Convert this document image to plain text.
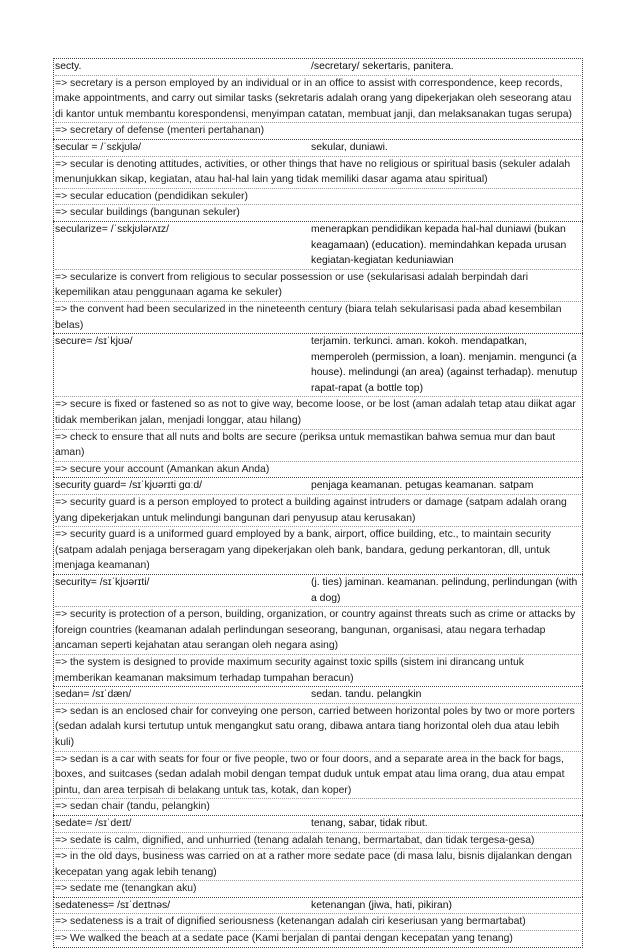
secty.	/secretary/ sekertaris, panitera.
=> secretary is a person employed by an individual or in an office to assist with correspondence, keep records, make appointments, and carry out similar tasks (sekretaris adalah orang yang dipekerjakan oleh seseorang atau di kantor untuk membantu korespondensi, menyimpan catatan, membuat janji, dan melaksanakan tugas serupa)
=> secretary of defense (menteri pertahanan)
secular = /ˈsɛkjʊlə/	sekular, duniawi.
=> secular is denoting attitudes, activities, or other things that have no religious or spiritual basis (sekuler adalah menunjukkan sikap, kegiatan, atau hal-hal lain yang tidak memiliki dasar agama atau spiritual)
=> secular education (pendidikan sekuler)
=> secular buildings (bangunan sekuler)
secularize= /ˈsɛkjʊlərʌɪz/	menerapkan pendidikan kepada hal-hal duniawi (bukan keagamaan) (education). memindahkan kepada urusan kegiatan-kegiatan keduniawian
=> secularize is convert from religious to secular possession or use (sekularisasi adalah berpindah dari kepemilikan atau penggunaan agama ke sekuler)
=> the convent had been secularized in the nineteenth century (biara telah sekularisasi pada abad kesembilan belas)
secure= /sɪˈkjʊə/	terjamin. terkunci. aman. kokoh. mendapatkan, memperoleh (permission, a loan). menjamin. mengunci (a house). melindungi (an area) (against terhadap). menutup rapat-rapat (a bottle top)
=> secure is fixed or fastened so as not to give way, become loose, or be lost (aman adalah tetap atau diikat agar tidak memberikan jalan, menjadi longgar, atau hilang)
=> check to ensure that all nuts and bolts are secure (periksa untuk memastikan bahwa semua mur dan baut aman)
=> secure your account (Amankan akun Anda)
security guard= /sɪˈkjʊərɪti ɡɑːd/	penjaga keamanan. petugas keamanan. satpam
=> security guard is a person employed to protect a building against intruders or damage (satpam adalah orang yang dipekerjakan untuk melindungi bangunan dari penyusup atau kerusakan)
=> security guard is a uniformed guard employed by a bank, airport, office building, etc., to maintain security (satpam adalah penjaga berseragam yang dipekerjakan oleh bank, bandara, gedung perkantoran, dll, untuk menjaga keamanan)
security= /sɪˈkjʊərɪti/	(j. ties) jaminan. keamanan. pelindung, perlindungan (with a dog)
=> security is protection of a person, building, organization, or country against threats such as crime or attacks by foreign countries (keamanan adalah perlindungan seseorang, bangunan, organisasi, atau negara terhadap ancaman seperti kejahatan atau serangan oleh negara asing)
=> the system is designed to provide maximum security against toxic spills (sistem ini dirancang untuk memberikan keamanan maksimum terhadap tumpahan beracun)
sedan= /sɪˈdæn/	sedan. tandu. pelangkin
=> sedan is an enclosed chair for conveying one person, carried between horizontal poles by two or more porters (sedan adalah kursi tertutup untuk mengangkut satu orang, dibawa antara tiang horizontal oleh dua atau lebih kuli)
=> sedan is a car with seats for four or five people, two or four doors, and a separate area in the back for bags, boxes, and suitcases (sedan adalah mobil dengan tempat duduk untuk empat atau lima orang, dua atau empat pintu, dan area terpisah di belakang untuk tas, kotak, dan koper)
=> sedan chair (tandu, pelangkin)
sedate= /sɪˈdeɪt/	tenang, sabar, tidak ribut.
=> sedate is calm, dignified, and unhurried (tenang adalah tenang, bermartabat, dan tidak tergesa-gesa)
=> in the old days, business was carried on at a rather more sedate pace (di masa lalu, bisnis dijalankan dengan kecepatan yang agak lebih tenang)
=> sedate me (tenangkan aku)
sedateness= /sɪˈdeɪtnəs/	ketenangan (jiwa, hati, pikiran)
=> sedateness is a trait of dignified seriousness (ketenangan adalah ciri keseriusan yang bermartabat)
=> We walked the beach at a sedate pace (Kami berjalan di pantai dengan kecepatan yang tenang)
